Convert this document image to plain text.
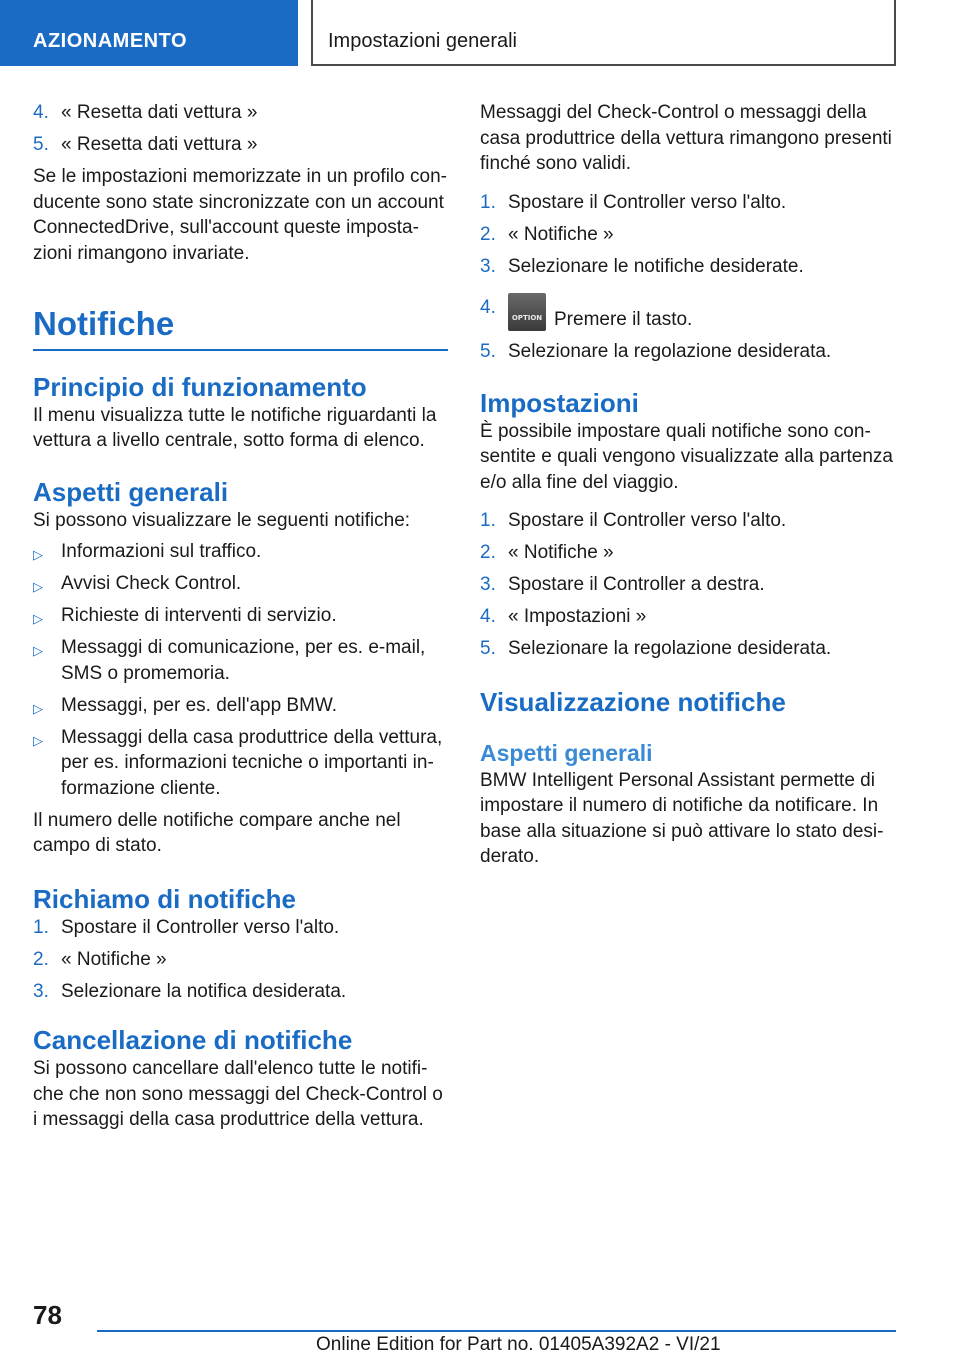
AZIONAMENTO	Impostazioni generali
4. « Resetta dati vettura »
5. « Resetta dati vettura »

Se le impostazioni memorizzate in un profilo conducente sono state sincronizzate con un account ConnectedDrive, sull'account queste impostazioni rimangono invariate.

Notifiche
Principio di funzionamento

Il menu visualizza tutte le notifiche riguardanti la vettura a livello centrale, sotto forma di elenco.

Aspetti generali

Si possono visualizzare le seguenti notifiche:

▷ Informazioni sul traffico.
▷ Avvisi Check Control.
▷ Richieste di interventi di servizio.
▷ Messaggi di comunicazione, per es. e-mail, SMS o promemoria.
▷ Messaggi, per es. dell'app BMW.
▷ Messaggi della casa produttrice della vettura, per es. informazioni tecniche o importanti informazione cliente.

Il numero delle notifiche compare anche nel campo di stato.

Richiamo di notifiche
1. Spostare il Controller verso l'alto.
2. « Notifiche »
3. Selezionare la notifica desiderata.
Cancellazione di notifiche

Si possono cancellare dall'elenco tutte le notifiche che non sono messaggi del Check-Control o i messaggi della casa produttrice della vettura.

Messaggi del Check-Control o messaggi della casa produttrice della vettura rimangono presenti finché sono validi.

1. Spostare il Controller verso l'alto.
2. « Notifiche »
3. Selezionare le notifiche desiderate.
4.	OPTION Premere il tasto.
5. Selezionare la regolazione desiderata.
Impostazioni

È possibile impostare quali notifiche sono consentite e quali vengono visualizzate alla partenza e/o alla fine del viaggio.

1. Spostare il Controller verso l'alto.
2. « Notifiche »
3. Spostare il Controller a destra.
4. « Impostazioni »
5. Selezionare la regolazione desiderata.
Visualizzazione notifiche
Aspetti generali

BMW Intelligent Personal Assistant permette di impostare il numero di notifiche da notificare. In base alla situazione si può attivare lo stato desiderato.

78
Online Edition for Part no. 01405A392A2 - VI/21
